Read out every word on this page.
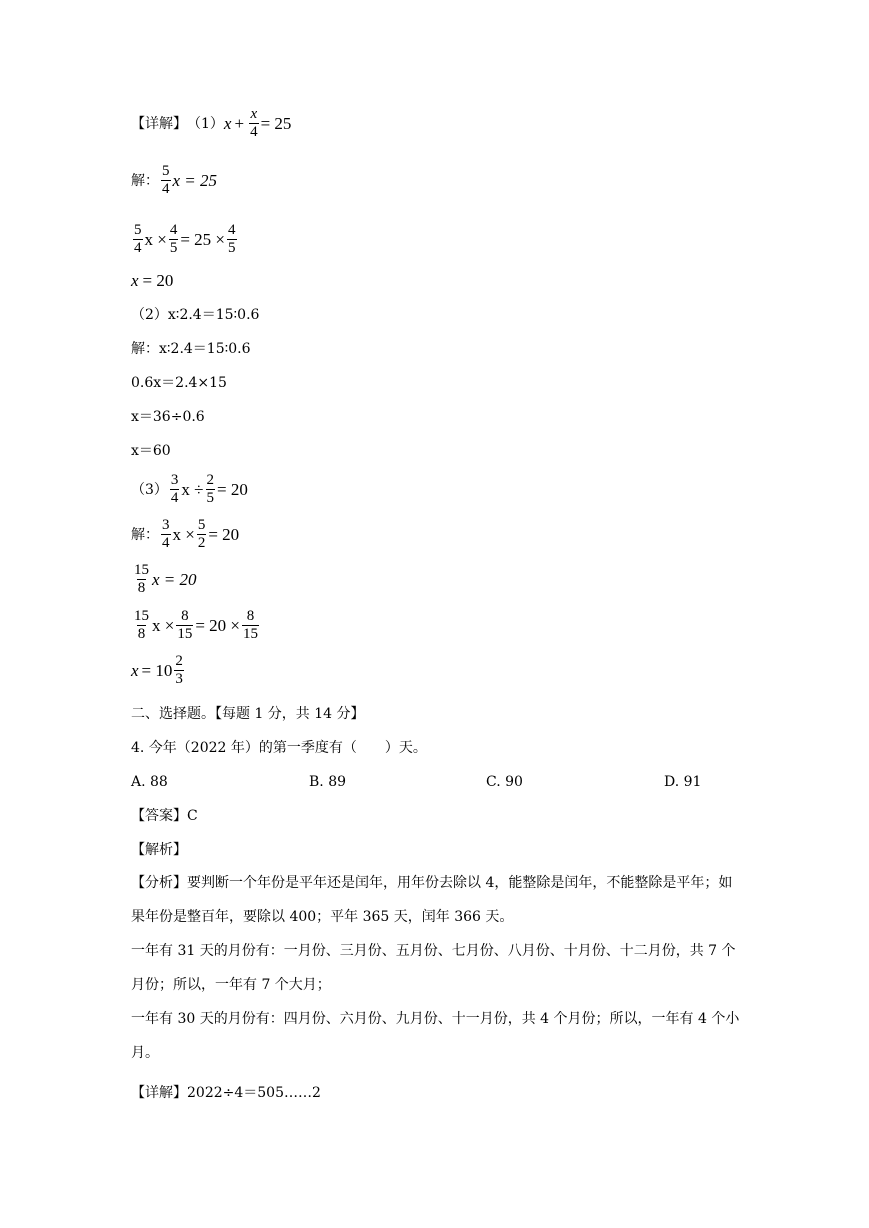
【详解】 （1） $x + \frac{x}{4} = 25$
解： $\frac{5}{4}$ x = 25
$\frac{5}{4}$ $x \times \frac{4}{5} = 25 \times \frac{4}{5}$
x = 20
（2）x∶2.4＝15∶0.6
解：x∶2.4＝15∶0.6
0.6x＝2.4×15
x＝36÷0.6
x＝60
$(3) \frac{3}{4}$ $x \div \frac{2}{5} = 20$
解： $\frac{3}{4}$ $x \times \frac{5}{2} = 20$
$\frac{15}{8}$ x = 20
$\frac{15}{8}$ $x \times \frac{8}{15} = 20 \times \frac{8}{15}$
$x = 10 \frac{2}{3}$
二、选择题。【每题 1 分，共 14 分】
4. 今年（2022 年）的第一季度有（　　）天。
A. 88	B. 89	C. 90	D. 91
【答案】C
【解析】
【分析】要判断一个年份是平年还是闰年，用年份去除以 4，能整除是闰年，不能整除是平年；如果年份是整百年，要除以 400；平年 365 天，闰年 366 天。
一年有 31 天的月份有：一月份、三月份、五月份、七月份、八月份、十月份、十二月份，共 7 个月份；所以，一年有 7 个大月；
一年有 30 天的月份有：四月份、六月份、九月份、十一月份，共 4 个月份；所以，一年有 4 个小月。
【详解】2022÷4＝505……2
